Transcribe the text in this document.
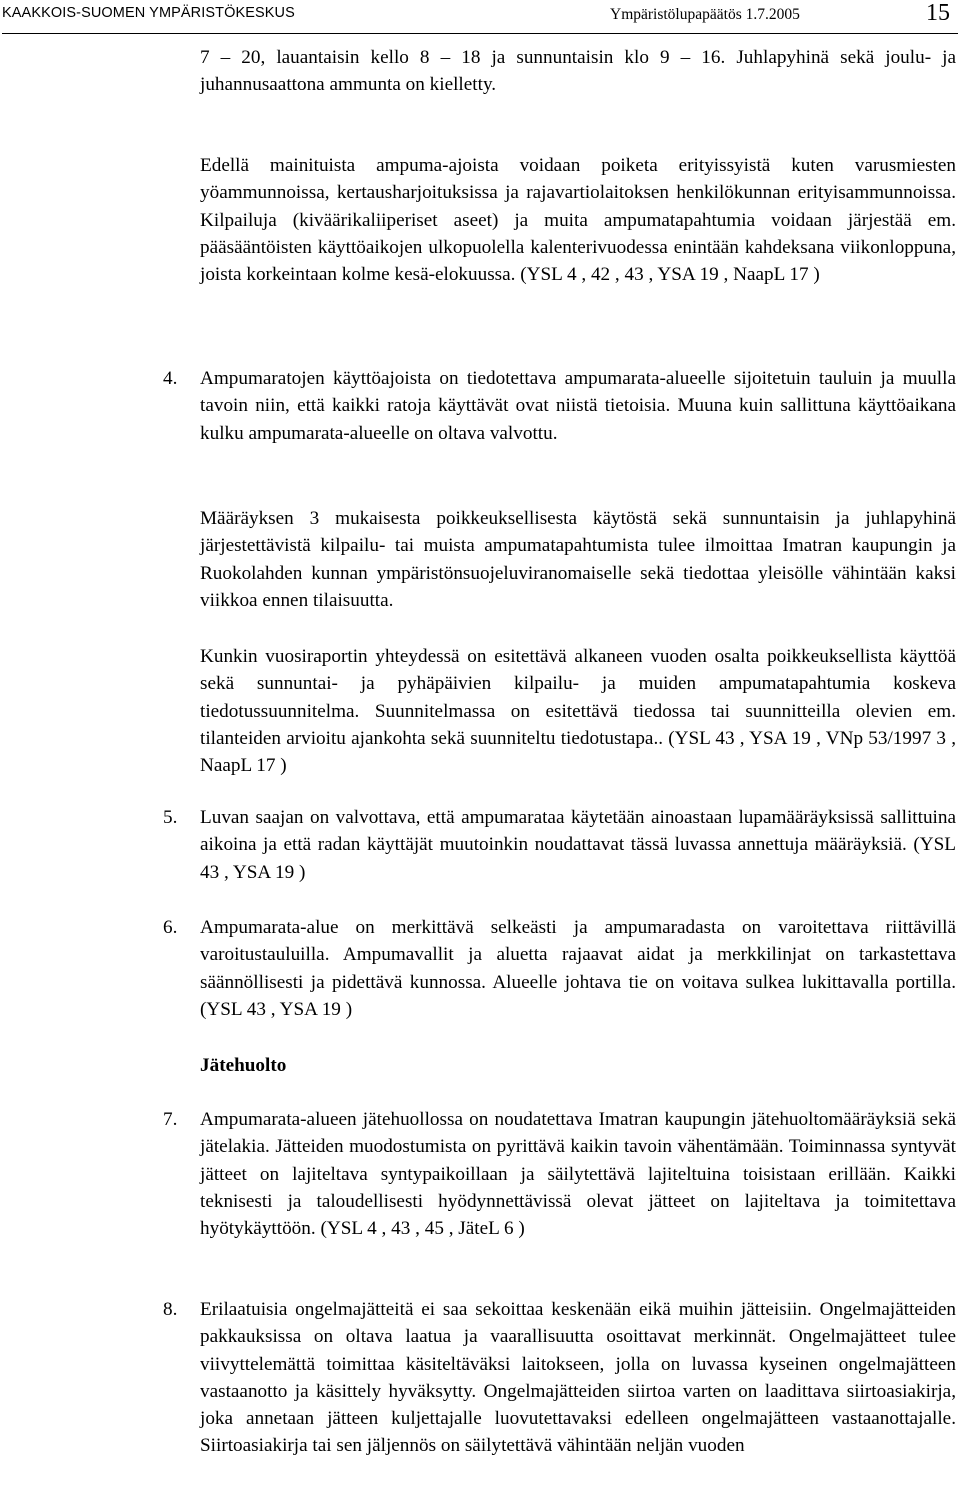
KAAKKOIS-SUOMEN YMPÄRISTÖKESKUS	Ympäristölupapäätös 1.7.2005	15

7 – 20, lauantaisin kello 8 – 18 ja sunnuntaisin klo 9 – 16. Juhlapyhinä sekä joulu- ja juhannusaattona ammunta on kielletty.

Edellä mainituista ampuma-ajoista voidaan poiketa erityissyistä kuten varusmiesten yöammunnoissa, kertausharjoituksissa ja rajavartiolaitoksen henkilökunnan erityisammunnoissa. Kilpailuja (kiväärikaliiperiset aseet) ja muita ampumatapahtumia voidaan järjestää em. pääsääntöisten käyttöaikojen ulkopuolella kalenterivuodessa enintään kahdeksana viikonloppuna, joista korkeintaan kolme kesä-elokuussa. (YSL 4 , 42 , 43 , YSA 19 , NaapL 17 )

4. Ampumaratojen käyttöajoista on tiedotettava ampumarata-alueelle sijoitetuin tauluin ja muulla tavoin niin, että kaikki ratoja käyttävät ovat niistä tietoisia. Muuna kuin sallittuna käyttöaikana kulku ampumarata-alueelle on oltava valvottu.

Määräyksen 3 mukaisesta poikkeuksellisesta käytöstä sekä sunnuntaisin ja juhlapyhinä järjestettävistä kilpailu- tai muista ampumatapahtumista tulee ilmoittaa Imatran kaupungin ja Ruokolahden kunnan ympäristönsuojeluviranomaiselle sekä tiedottaa yleisölle vähintään kaksi viikkoa ennen tilaisuutta.

Kunkin vuosiraportin yhteydessä on esitettävä alkaneen vuoden osalta poikkeuksellista käyttöä sekä sunnuntai- ja pyhäpäivien kilpailu- ja muiden ampumatapahtumia koskeva tiedotussuunnitelma. Suunnitelmassa on esitettävä tiedossa tai suunnitteilla olevien em. tilanteiden arvioitu ajankohta sekä suunniteltu tiedotustapa.. (YSL 43 , YSA 19 , VNp 53/1997 3 , NaapL 17 )

5. Luvan saajan on valvottava, että ampumarataa käytetään ainoastaan lupamääräyksissä sallittuina aikoina ja että radan käyttäjät muutoinkin noudattavat tässä luvassa annettuja määräyksiä. (YSL 43 , YSA 19 )

6. Ampumarata-alue on merkittävä selkeästi ja ampumaradasta on varoitettava riittävillä varoitustauluilla. Ampumavallit ja aluetta rajaavat aidat ja merkkilinjat on tarkastettava säännöllisesti ja pidettävä kunnossa. Alueelle johtava tie on voitava sulkea lukittavalla portilla. (YSL 43 , YSA 19 )

Jätehuolto
7. Ampumarata-alueen jätehuollossa on noudatettava Imatran kaupungin jätehuoltomääräyksiä sekä jätelakia. Jätteiden muodostumista on pyrittävä kaikin tavoin vähentämään. Toiminnassa syntyvät jätteet on lajiteltava syntypaikoillaan ja säilytettävä lajiteltuina toisistaan erillään. Kaikki teknisesti ja taloudellisesti hyödynnettävissä olevat jätteet on lajiteltava ja toimitettava hyötykäyttöön. (YSL 4 , 43 , 45 , JäteL 6 )

8. Erilaatuisia ongelmajätteitä ei saa sekoittaa keskenään eikä muihin jätteisiin. Ongelmajätteiden pakkauksissa on oltava laatua ja vaarallisuutta osoittavat merkinnät. Ongelmajätteet tulee viivyttelemättä toimittaa käsiteltäväksi laitokseen, jolla on luvassa kyseinen ongelmajätteen vastaanotto ja käsittely hyväksytty. Ongelmajätteiden siirtoa varten on laadittava siirtoasiakirja, joka annetaan jätteen kuljettajalle luovutettavaksi edelleen ongelmajätteen vastaanottajalle. Siirtoasiakirja tai sen jäljennös on säilytettävä vähintään neljän vuoden
